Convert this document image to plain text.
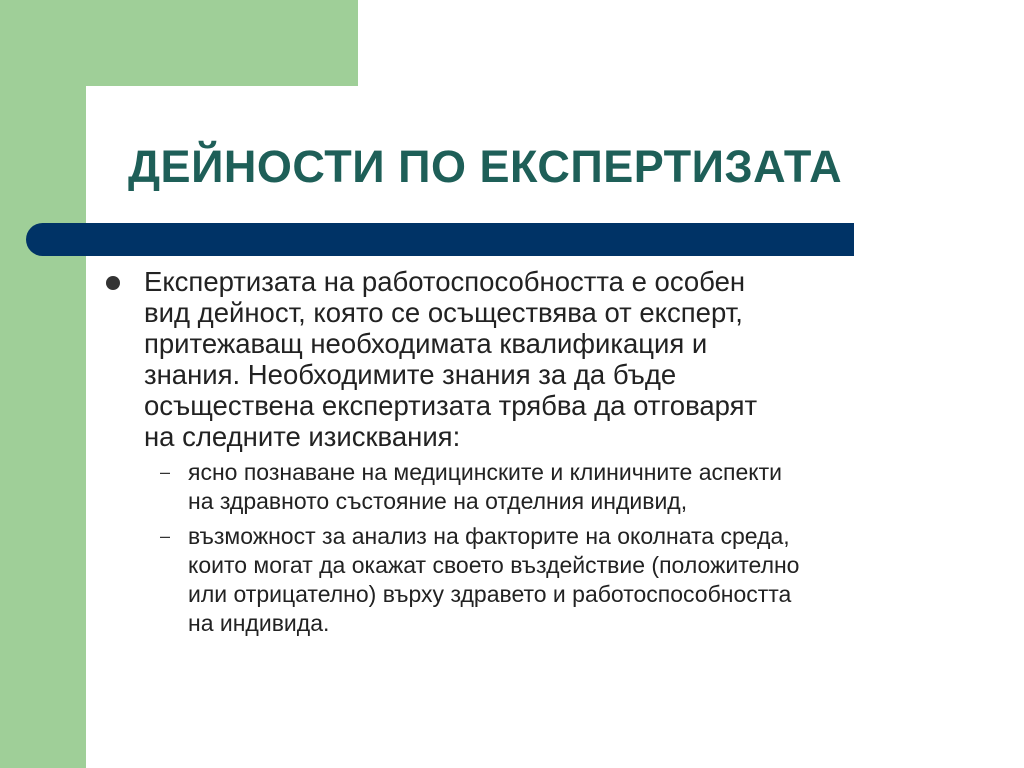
ДЕЙНОСТИ ПО ЕКСПЕРТИЗАТА
Експертизата на работоспособността е особен
вид дейност, която се осъществява от експерт,
притежаващ необходимата квалификация и
знания. Необходимите знания за да бъде
осъществена експертизата трябва да отговарят
на следните изисквания:
– ясно познаване на медицинските и клиничните аспекти
на здравното състояние на отделния индивид,
– възможност за анализ на факторите на околната среда,
които могат да окажат своето въздействие (положително
или отрицателно) върху здравето и работоспособността
на индивида.
